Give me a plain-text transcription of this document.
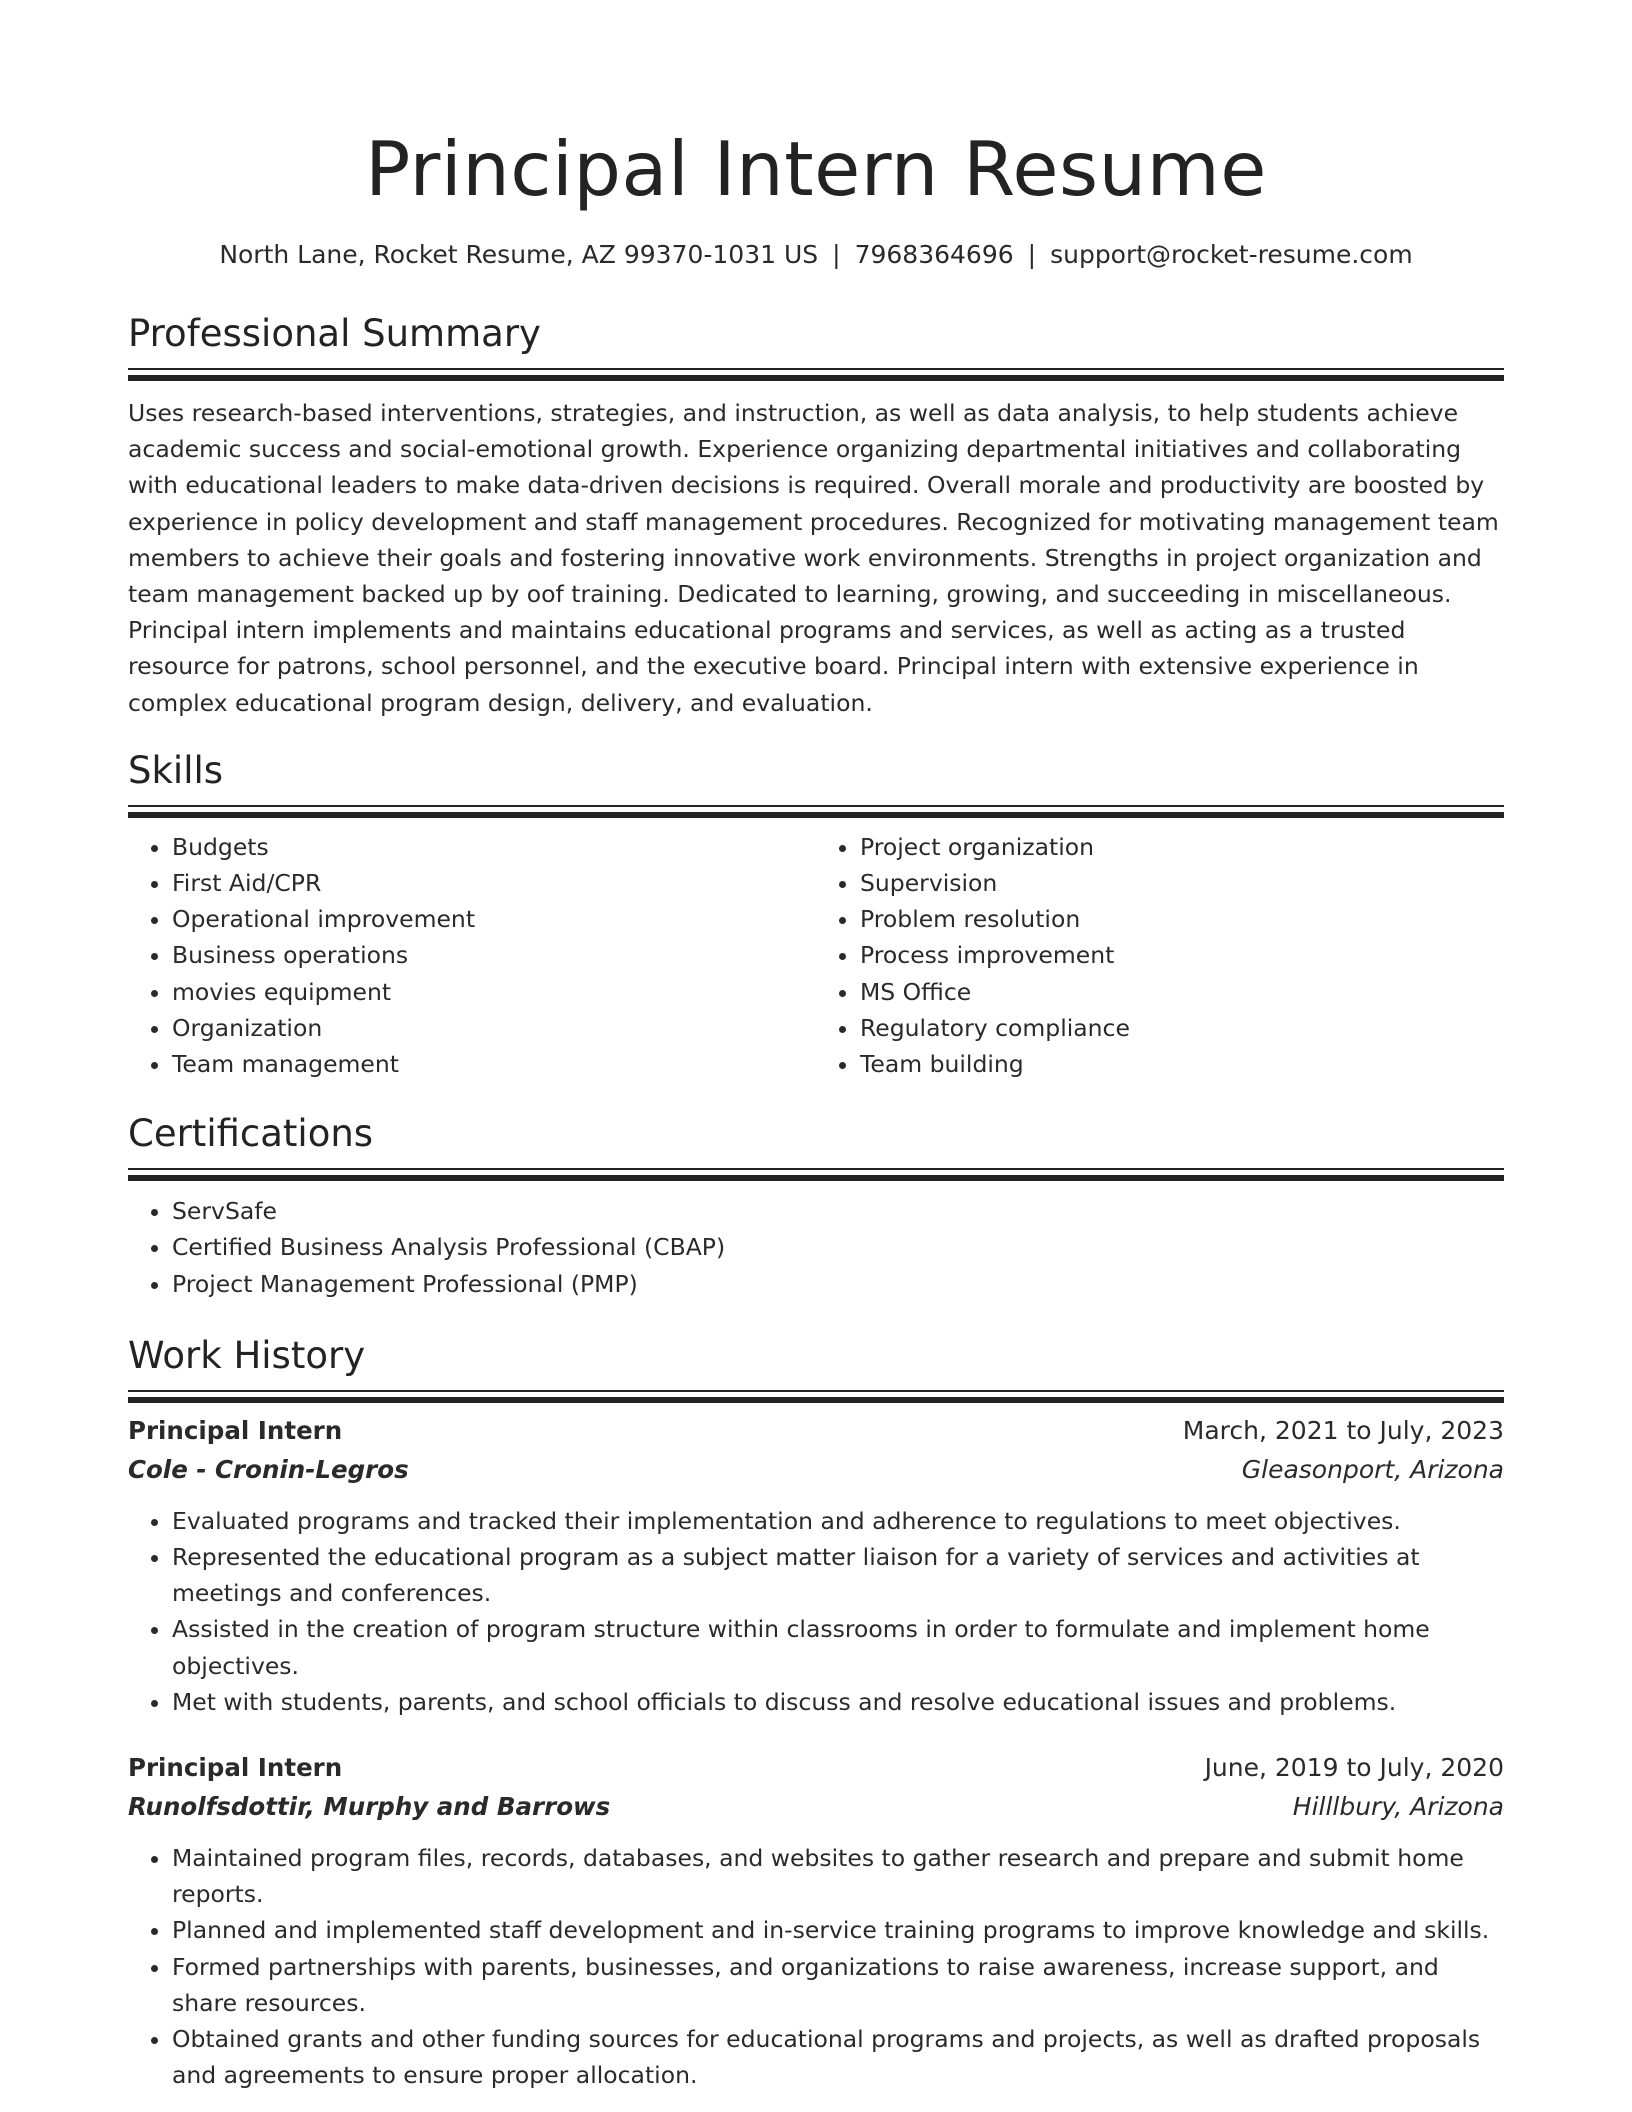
Principal Intern Resume
North Lane, Rocket Resume, AZ 99370-1031 US | 7968364696 | support@rocket-resume.com
Professional Summary

Uses research-based interventions, strategies, and instruction, as well as data analysis, to help students achieve academic success and social-emotional growth. Experience organizing departmental initiatives and collaborating with educational leaders to make data-driven decisions is required. Overall morale and productivity are boosted by experience in policy development and staff management procedures. Recognized for motivating management team members to achieve their goals and fostering innovative work environments. Strengths in project organization and team management backed up by oof training. Dedicated to learning, growing, and succeeding in miscellaneous. Principal intern implements and maintains educational programs and services, as well as acting as a trusted resource for patrons, school personnel, and the executive board. Principal intern with extensive experience in complex educational program design, delivery, and evaluation.

Skills
• Budgets
• First Aid/CPR
• Operational improvement
• Business operations
• movies equipment
• Organization
• Team management
• Project organization
• Supervision
• Problem resolution
• Process improvement
• MS Office
• Regulatory compliance
• Team building
Certifications
• ServSafe
• Certified Business Analysis Professional (CBAP)
• Project Management Professional (PMP)
Work History
Principal Intern	March, 2021 to July, 2023
Cole - Cronin-Legros	Gleasonport, Arizona
• Evaluated programs and tracked their implementation and adherence to regulations to meet objectives.
• Represented the educational program as a subject matter liaison for a variety of services and activities at meetings and conferences.
• Assisted in the creation of program structure within classrooms in order to formulate and implement home objectives.
• Met with students, parents, and school officials to discuss and resolve educational issues and problems.
Principal Intern	June, 2019 to July, 2020
Runolfsdottir, Murphy and Barrows	Hilllbury, Arizona
• Maintained program files, records, databases, and websites to gather research and prepare and submit home reports.
• Planned and implemented staff development and in-service training programs to improve knowledge and skills.
• Formed partnerships with parents, businesses, and organizations to raise awareness, increase support, and share resources.
• Obtained grants and other funding sources for educational programs and projects, as well as drafted proposals and agreements to ensure proper allocation.
